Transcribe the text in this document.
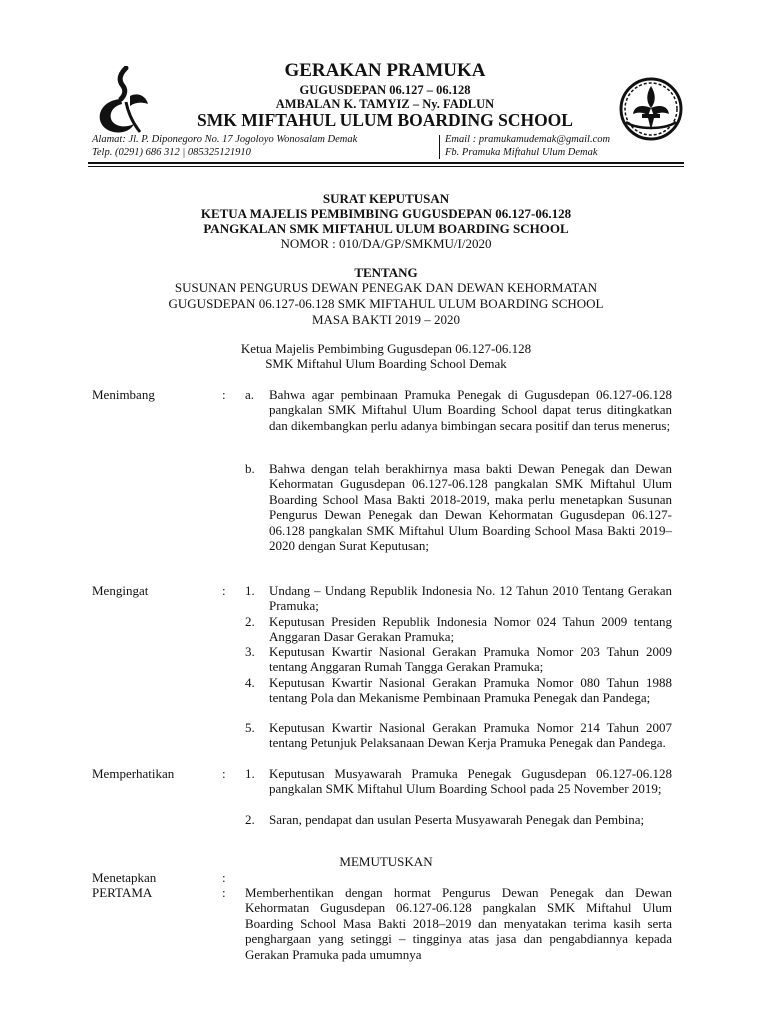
GERAKAN PRAMUKA
GUGUSDEPAN 06.127 – 06.128
AMBALAN K. TAMYIZ – Ny. FADLUN
SMK MIFTAHUL ULUM BOARDING SCHOOL
Alamat: Jl. P. Diponegoro No. 17 Jogoloyo Wonosalam Demak
Telp. (0291) 686 312 | 085325121910
Email : pramukamudemak@gmail.com
Fb. Pramuka Miftahul Ulum Demak
SURAT KEPUTUSAN
KETUA MAJELIS PEMBIMBING GUGUSDEPAN 06.127-06.128
PANGKALAN SMK MIFTAHUL ULUM BOARDING SCHOOL
NOMOR : 010/DA/GP/SMKMU/I/2020
TENTANG
SUSUNAN PENGURUS DEWAN PENEGAK DAN DEWAN KEHORMATAN
GUGUSDEPAN 06.127-06.128 SMK MIFTAHUL ULUM BOARDING SCHOOL
MASA BAKTI 2019 – 2020
Ketua Majelis Pembimbing Gugusdepan 06.127-06.128
SMK Miftahul Ulum Boarding School Demak
Menimbang	: a. Bahwa agar pembinaan Pramuka Penegak di Gugusdepan 06.127-06.128 pangkalan SMK Miftahul Ulum Boarding School dapat terus ditingkatkan dan dikembangkan perlu adanya bimbingan secara positif dan terus menerus;
b. Bahwa dengan telah berakhirnya masa bakti Dewan Penegak dan Dewan Kehormatan Gugusdepan 06.127-06.128 pangkalan SMK Miftahul Ulum Boarding School Masa Bakti 2018-2019, maka perlu menetapkan Susunan Pengurus Dewan Penegak dan Dewan Kehormatan Gugusdepan 06.127-06.128 pangkalan SMK Miftahul Ulum Boarding School Masa Bakti 2019–2020 dengan Surat Keputusan;
Mengingat	: 1. Undang – Undang Republik Indonesia No. 12 Tahun 2010 Tentang Gerakan Pramuka;
2. Keputusan Presiden Republik Indonesia Nomor 024 Tahun 2009 tentang Anggaran Dasar Gerakan Pramuka;
3. Keputusan Kwartir Nasional Gerakan Pramuka Nomor 203 Tahun 2009 tentang Anggaran Rumah Tangga Gerakan Pramuka;
4. Keputusan Kwartir Nasional Gerakan Pramuka Nomor 080 Tahun 1988 tentang Pola dan Mekanisme Pembinaan Pramuka Penegak dan Pandega;
5. Keputusan Kwartir Nasional Gerakan Pramuka Nomor 214 Tahun 2007 tentang Petunjuk Pelaksanaan Dewan Kerja Pramuka Penegak dan Pandega.
Memperhatikan	: 1. Keputusan Musyawarah Pramuka Penegak Gugusdepan 06.127-06.128 pangkalan SMK Miftahul Ulum Boarding School pada 25 November 2019;
2. Saran, pendapat dan usulan Peserta Musyawarah Penegak dan Pembina;
MEMUTUSKAN
Menetapkan	:
PERTAMA	: Memberhentikan dengan hormat Pengurus Dewan Penegak dan Dewan Kehormatan Gugusdepan 06.127-06.128 pangkalan SMK Miftahul Ulum Boarding School Masa Bakti 2018–2019 dan menyatakan terima kasih serta penghargaan yang setinggi – tingginya atas jasa dan pengabdiannya kepada Gerakan Pramuka pada umumnya
